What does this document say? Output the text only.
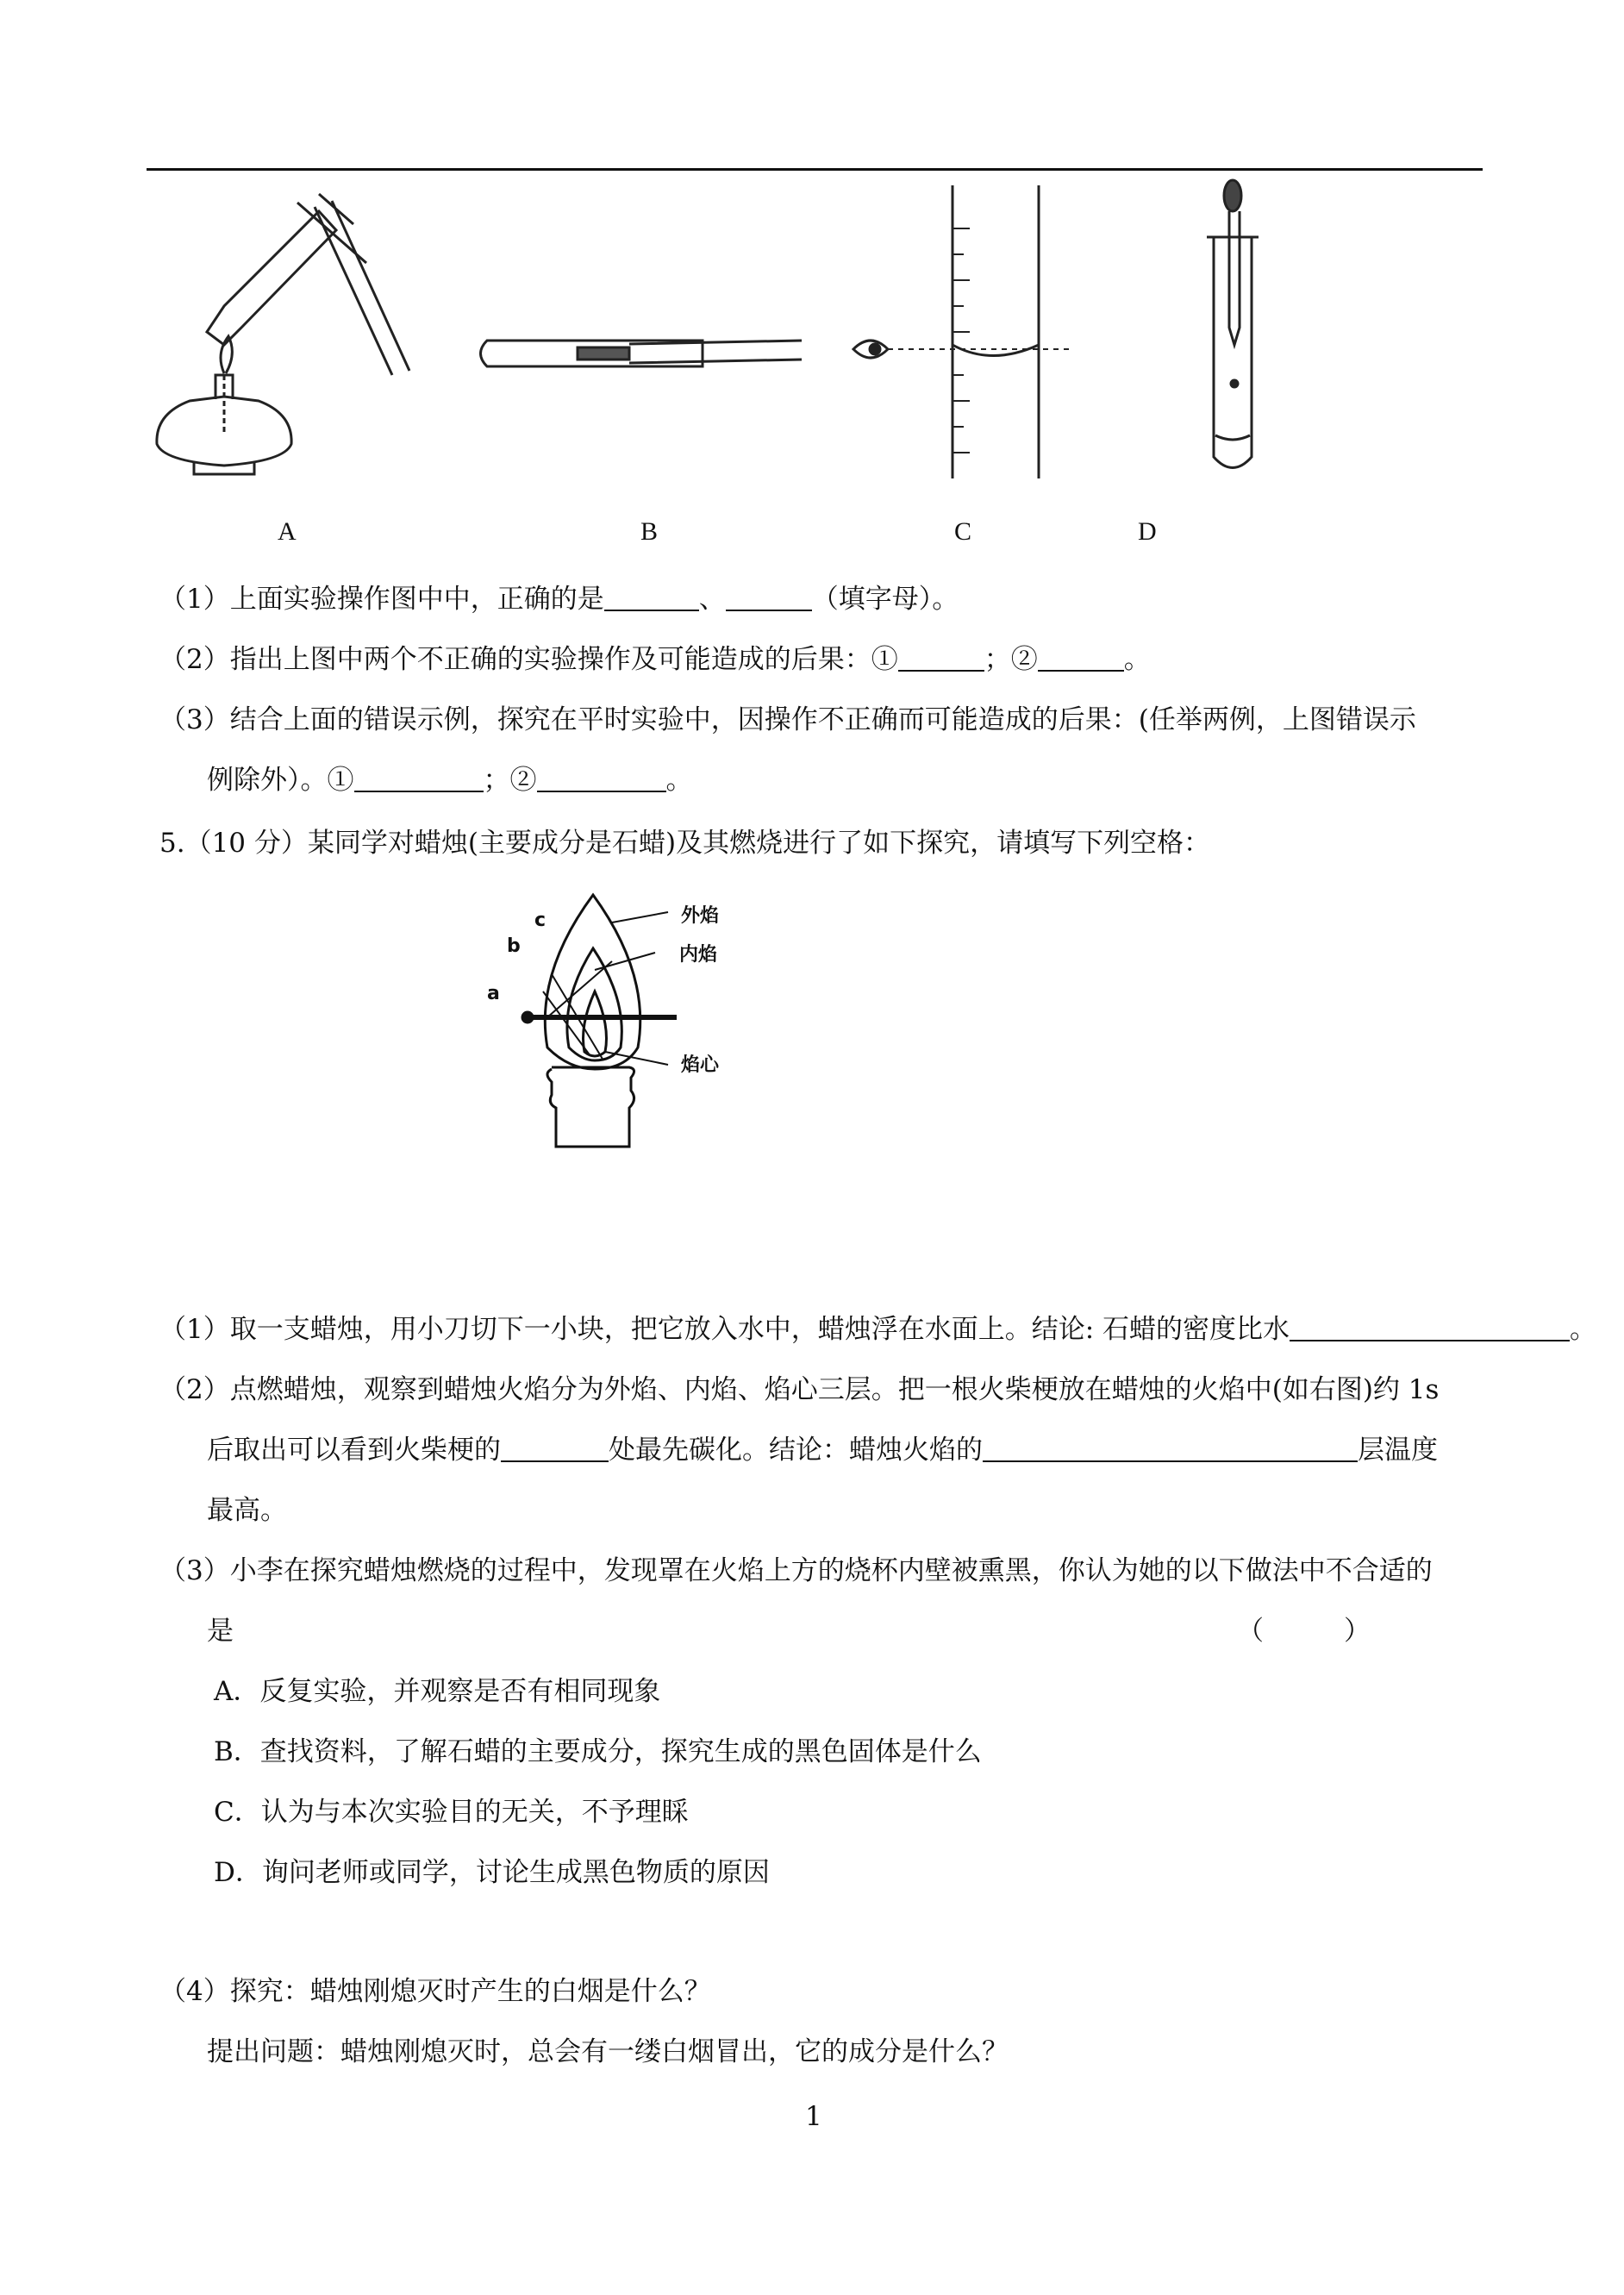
A	B	C	D
（1）上面实验操作图中中，正确的是	、	（填字母）。
（2）指出上图中两个不正确的实验操作及可能造成的后果：①	；②	。
（3）结合上面的错误示例，探究在平时实验中，因操作不正确而可能造成的后果：(任举两例，上图错误示
例除外）。①	；②	。
5.（10 分）某同学对蜡烛(主要成分是石蜡)及其燃烧进行了如下探究，请填写下列空格：
外焰
内焰
焰心
a
b
c
（1）取一支蜡烛，用小刀切下一小块，把它放入水中，蜡烛浮在水面上。结论: 石蜡的密度比水	。
（2）点燃蜡烛，观察到蜡烛火焰分为外焰、内焰、焰心三层。把一根火柴梗放在蜡烛的火焰中(如右图)约 1s
后取出可以看到火柴梗的	处最先碳化。结论：蜡烛火焰的	层温度
最高。
（3）小李在探究蜡烛燃烧的过程中，发现罩在火焰上方的烧杯内壁被熏黑，你认为她的以下做法中不合适的
是	（　　　）
A．反复实验，并观察是否有相同现象
B．查找资料，了解石蜡的主要成分，探究生成的黑色固体是什么
C．认为与本次实验目的无关，不予理睬
D．询问老师或同学，讨论生成黑色物质的原因
（4）探究：蜡烛刚熄灭时产生的白烟是什么？
提出问题：蜡烛刚熄灭时，总会有一缕白烟冒出，它的成分是什么？
1
